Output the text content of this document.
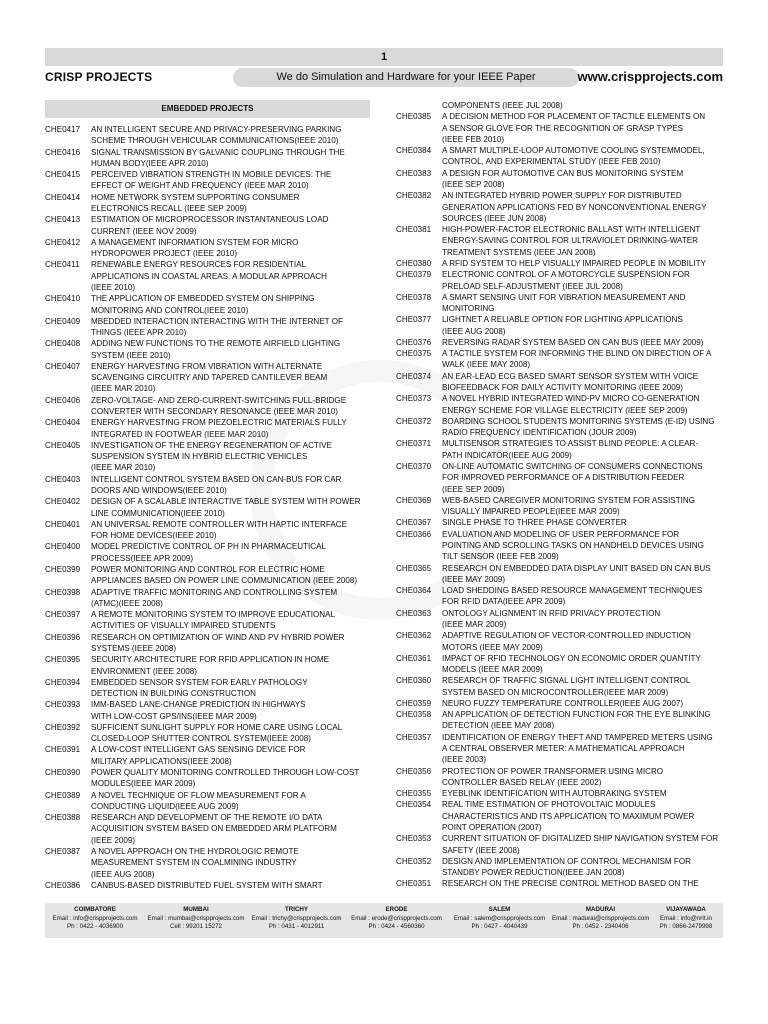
1
CRISP PROJECTS	We do Simulation and Hardware for your IEEE Paper	www.crispprojects.com
EMBEDDED PROJECTS
CHE0417	AN INTELLIGENT SECURE AND PRIVACY-PRESERVING PARKING
SCHEME THROUGH VEHICULAR COMMUNICATIONS(IEEE 2010)
CHE0416	SIGNAL TRANSMISSION BY GALVANIC COUPLING THROUGH THE
HUMAN BODY(IEEE APR 2010)
CHE0415	PERCEIVED VIBRATION STRENGTH IN MOBILE DEVICES: THE
EFFECT OF WEIGHT AND FREQUENCY (IEEE MAR 2010)
CHE0414	HOME NETWORK SYSTEM SUPPORTING CONSUMER
ELECTRONICS RECALL (IEEE SEP 2009)
CHE0413	ESTIMATION OF MICROPROCESSOR INSTANTANEOUS LOAD
CURRENT (IEEE NOV 2009)
CHE0412	A MANAGEMENT INFORMATION SYSTEM FOR MICRO
HYDROPOWER PROJECT (IEEE 2010)
CHE0411	RENEWABLE ENERGY RESOURCES FOR RESIDENTIAL
APPLICATIONS IN COASTAL AREAS: A MODULAR APPROACH
(IEEE 2010)
CHE0410	THE APPLICATION OF EMBEDDED SYSTEM ON SHIPPING
MONITORING AND CONTROL(IEEE 2010)
CHE0409	MBEDDED INTERACTION INTERACTING WITH THE INTERNET OF
THINGS (IEEE APR 2010)
CHE0408	ADDING NEW FUNCTIONS TO THE REMOTE AIRFIELD LIGHTING
SYSTEM (IEEE 2010)
CHE0407	ENERGY HARVESTING FROM VIBRATION WITH ALTERNATE
SCAVENGING CIRCUITRY AND TAPERED CANTILEVER BEAM
(IEEE MAR 2010)
CHE0406	ZERO-VOLTAGE- AND ZERO-CURRENT-SWITCHING FULL-BRIDGE
CONVERTER WITH SECONDARY RESONANCE (IEEE MAR 2010)
CHE0404	ENERGY HARVESTING FROM PIEZOELECTRIC MATERIALS FULLY
INTEGRATED IN FOOTWEAR (IEEE MAR 2010)
CHE0405	INVESTIGATION OF THE ENERGY REGENERATION OF ACTIVE
SUSPENSION SYSTEM IN HYBRID ELECTRIC VEHICLES
(IEEE MAR 2010)
CHE0403	INTELLIGENT CONTROL SYSTEM BASED ON CAN-BUS FOR CAR
DOORS AND WINDOWS(IEEE 2010)
CHE0402	DESIGN OF A SCALABLE INTERACTIVE TABLE SYSTEM WITH POWER
LINE COMMUNICATION(IEEE 2010)
CHE0401	AN UNIVERSAL REMOTE CONTROLLER WITH HAPTIC INTERFACE
FOR HOME DEVICES(IEEE 2010)
CHE0400	MODEL PREDICTIVE CONTROL OF PH IN PHARMACEUTICAL
PROCESS(IEEE APR 2009)
CHE0399	POWER MONITORING AND CONTROL FOR ELECTRIC HOME
APPLIANCES BASED ON POWER LINE COMMUNICATION (IEEE 2008)
CHE0398	ADAPTIVE TRAFFIC MONITORING AND CONTROLLING SYSTEM
(ATMC)(IEEE 2008)
CHE0397	A REMOTE MONITORING SYSTEM TO IMPROVE EDUCATIONAL
ACTIVITIES OF VISUALLY IMPAIRED STUDENTS
CHE0396	RESEARCH ON OPTIMIZATION OF WIND AND PV HYBRID POWER
SYSTEMS (IEEE 2008)
CHE0395	SECURITY ARCHITECTURE FOR RFID APPLICATION IN HOME
ENVIRONMENT (IEEE 2008)
CHE0394	EMBEDDED SENSOR SYSTEM FOR EARLY PATHOLOGY
DETECTION IN BUILDING CONSTRUCTION
CHE0393	IMM-BASED LANE-CHANGE PREDICTION IN HIGHWAYS
WITH LOW-COST GPS/INS(IEEE MAR 2009)
CHE0392	SUFFICIENT SUNLIGHT SUPPLY FOR HOME CARE USING LOCAL
CLOSED-LOOP SHUTTER CONTROL SYSTEM(IEEE 2008)
CHE0391	A LOW-COST INTELLIGENT GAS SENSING DEVICE FOR
MILITARY APPLICATIONS(IEEE 2008)
CHE0390	POWER QUALITY MONITORING CONTROLLED THROUGH LOW-COST
MODULES(IEEE MAR 2009)
CHE0389	A NOVEL TECHNIQUE OF FLOW MEASUREMENT FOR A
CONDUCTING LIQUID(IEEE AUG 2009)
CHE0388	RESEARCH AND DEVELOPMENT OF THE REMOTE I/O DATA
ACQUISITION SYSTEM BASED ON EMBEDDED ARM PLATFORM
(IEEE 2009)
CHE0387	A NOVEL APPROACH ON THE HYDROLOGIC REMOTE
MEASUREMENT SYSTEM IN COALMINING INDUSTRY
(IEEE AUG 2008)
CHE0386	CANBUS-BASED DISTRIBUTED FUEL SYSTEM WITH SMART
COMPONENTS (IEEE JUL 2008)
CHE0385	A DECISION METHOD FOR PLACEMENT OF TACTILE ELEMENTS ON
A SENSOR GLOVE FOR THE RECOGNITION OF GRASP TYPES
(IEEE FEB 2010)
CHE0384	A SMART MULTIPLE-LOOP AUTOMOTIVE COOLING SYSTEMMODEL,
CONTROL, AND EXPERIMENTAL STUDY (IEEE FEB 2010)
CHE0383	A DESIGN FOR AUTOMOTIVE CAN BUS MONITORING SYSTEM
(IEEE SEP 2008)
CHE0382	AN INTEGRATED HYBRID POWER SUPPLY FOR DISTRIBUTED
GENERATION APPLICATIONS FED BY NONCONVENTIONAL ENERGY
SOURCES (IEEE JUN 2008)
CHE0381	HIGH-POWER-FACTOR ELECTRONIC BALLAST WITH INTELLIGENT
ENERGY-SAVING CONTROL FOR ULTRAVIOLET DRINKING-WATER
TREATMENT SYSTEMS (IEEE JAN 2008)
CHE0380	A RFID SYSTEM TO HELP VISUALLY IMPAIRED PEOPLE IN MOBILITY
CHE0379	ELECTRONIC CONTROL OF A MOTORCYCLE SUSPENSION FOR
PRELOAD SELF-ADJUSTMENT (IEEE JUL 2008)
CHE0378	A SMART SENSING UNIT FOR VIBRATION MEASUREMENT AND
MONITORING
CHE0377	LIGHTNET A RELIABLE OPTION FOR LIGHTING APPLICATIONS
(IEEE AUG 2008)
CHE0376	REVERSING RADAR SYSTEM BASED ON CAN BUS (IEEE MAY 2009)
CHE0375	A TACTILE SYSTEM FOR INFORMING THE BLIND ON DIRECTION OF A
WALK (IEEE MAY 2008)
CHE0374	AN EAR-LEAD ECG BASED SMART SENSOR SYSTEM WITH VOICE
BIOFEEDBACK FOR DAILY ACTIVITY MONITORING (IEEE 2009)
CHE0373	A NOVEL HYBRID INTEGRATED WIND-PV MICRO CO-GENERATION
ENERGY SCHEME FOR VILLAGE ELECTRICITY (IEEE SEP 2009)
CHE0372	BOARDING SCHOOL STUDENTS MONITORING SYSTEMS (E-ID) USING
RADIO FREQUENCY IDENTIFICATION (JOUR 2009)
CHE0371	MULTISENSOR STRATEGIES TO ASSIST BLIND PEOPLE: A CLEAR-
PATH INDICATOR(IEEE AUG 2009)
CHE0370	ON-LINE AUTOMATIC SWITCHING OF CONSUMERS CONNECTIONS
FOR IMPROVED PERFORMANCE OF A DISTRIBUTION FEEDER
(IEEE SEP 2009)
CHE0369	WEB-BASED CAREGIVER MONITORING SYSTEM FOR ASSISTING
VISUALLY IMPAIRED PEOPLE(IEEE MAR 2009)
CHE0367	SINGLE PHASE TO THREE PHASE CONVERTER
CHE0366	EVALUATION AND MODELING OF USER PERFORMANCE FOR
POINTING AND SCROLLING TASKS ON HANDHELD DEVICES USING
TILT SENSOR (IEEE FEB 2009)
CHE0365	RESEARCH ON EMBEDDED DATA DISPLAY UNIT BASED ON CAN BUS
(IEEE MAY 2009)
CHE0364	LOAD SHEDDING BASED RESOURCE MANAGEMENT TECHNIQUES
FOR RFID DATA(IEEE APR 2009)
CHE0363	ONTOLOGY ALIGNMENT IN RFID PRIVACY PROTECTION
(IEEE MAR 2009)
CHE0362	ADAPTIVE REGULATION OF VECTOR-CONTROLLED INDUCTION
MOTORS (IEEE MAY 2009)
CHE0361	IMPACT OF RFID TECHNOLOGY ON ECONOMIC ORDER QUANTITY
MODELS (IEEE MAR 2009)
CHE0360	RESEARCH OF TRAFFIC SIGNAL LIGHT INTELLIGENT CONTROL
SYSTEM BASED ON MICROCONTROLLER(IEEE MAR 2009)
CHE0359	NEURO FUZZY TEMPERATURE CONTROLLER(IEEE AUG 2007)
CHE0358	AN APPLICATION OF DETECTION FUNCTION FOR THE EYE BLINKING
DETECTION (IEEE MAY 2008)
CHE0357	IDENTIFICATION OF ENERGY THEFT AND TAMPERED METERS USING
A CENTRAL OBSERVER METER: A MATHEMATICAL APPROACH
(IEEE 2003)
CHE0356	PROTECTION OF POWER TRANSFORMER USING MICRO
CONTROLLER BASED RELAY (IEEE 2002)
CHE0355	EYEBLINK IDENTIFICATION WITH AUTOBRAKING SYSTEM
CHE0354	REAL TIME ESTIMATION OF PHOTOVOLTAIC MODULES
CHARACTERISTICS AND ITS APPLICATION TO MAXIMUM POWER
POINT OPERATION (2007)
CHE0353	CURRENT SITUATION OF DIGITALIZED SHIP NAVIGATION SYSTEM FOR
SAFETY (IEEE 2008)
CHE0352	DESIGN AND IMPLEMENTATION OF CONTROL MECHANISM FOR
STANDBY POWER REDUCTION(IEEE JAN 2008)
CHE0351	RESEARCH ON THE PRECISE CONTROL METHOD BASED ON THE
COIMBATORE
Email : info@crispprojects.com
Ph : 0422 - 4036900
MUMBAI
Email : mumbai@crispprojects.com
Cell : 99201 15272
TRICHY
Email : trichy@crispprojects.com
Ph : 0431 - 4012911
ERODE
Email : erode@crispprojects.com
Ph : 0424 - 4560360
SALEM
Email : salem@crispprojects.com
Ph : 0427 - 4040439
MADURAI
Email : madurai@crispprojects.com
Ph : 0452 - 2340406
VIJAYAWADA
Email : info@nrit.in
Ph : 0866-2479998
